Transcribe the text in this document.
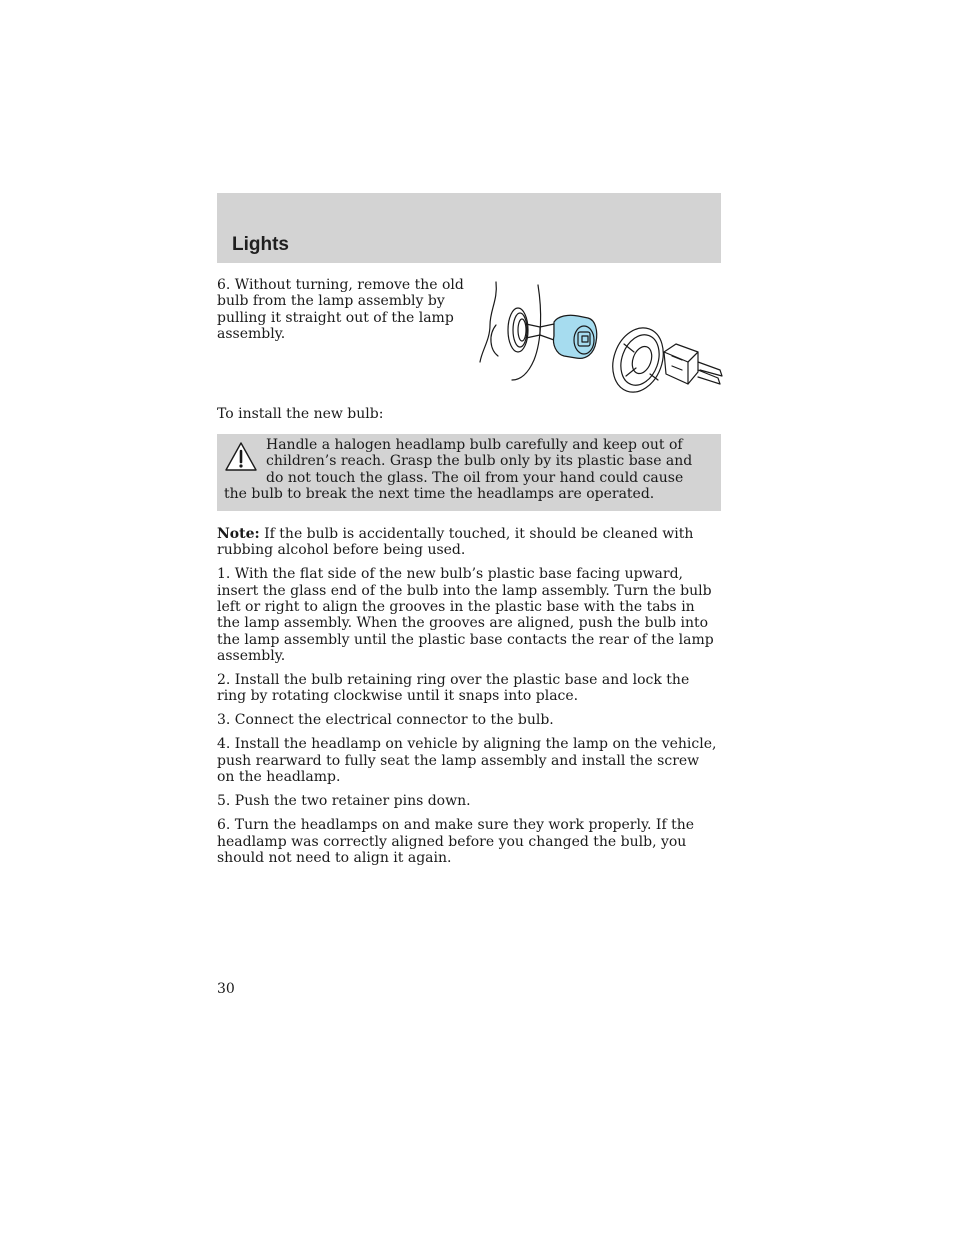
Lights

6. Without turning, remove the old bulb from the lamp assembly by pulling it straight out of the lamp assembly.

To install the new bulb:

Handle a halogen headlamp bulb carefully and keep out of children’s reach. Grasp the bulb only by its plastic base and do not touch the glass. The oil from your hand could cause the bulb to break the next time the headlamps are operated.

Note: If the bulb is accidentally touched, it should be cleaned with rubbing alcohol before being used.

1. With the flat side of the new bulb’s plastic base facing upward, insert the glass end of the bulb into the lamp assembly. Turn the bulb left or right to align the grooves in the plastic base with the tabs in the lamp assembly. When the grooves are aligned, push the bulb into the lamp assembly until the plastic base contacts the rear of the lamp assembly.

2. Install the bulb retaining ring over the plastic base and lock the ring by rotating clockwise until it snaps into place.

3. Connect the electrical connector to the bulb.

4. Install the headlamp on vehicle by aligning the lamp on the vehicle, push rearward to fully seat the lamp assembly and install the screw on the headlamp.

5. Push the two retainer pins down.

6. Turn the headlamps on and make sure they work properly. If the headlamp was correctly aligned before you changed the bulb, you should not need to align it again.

30
